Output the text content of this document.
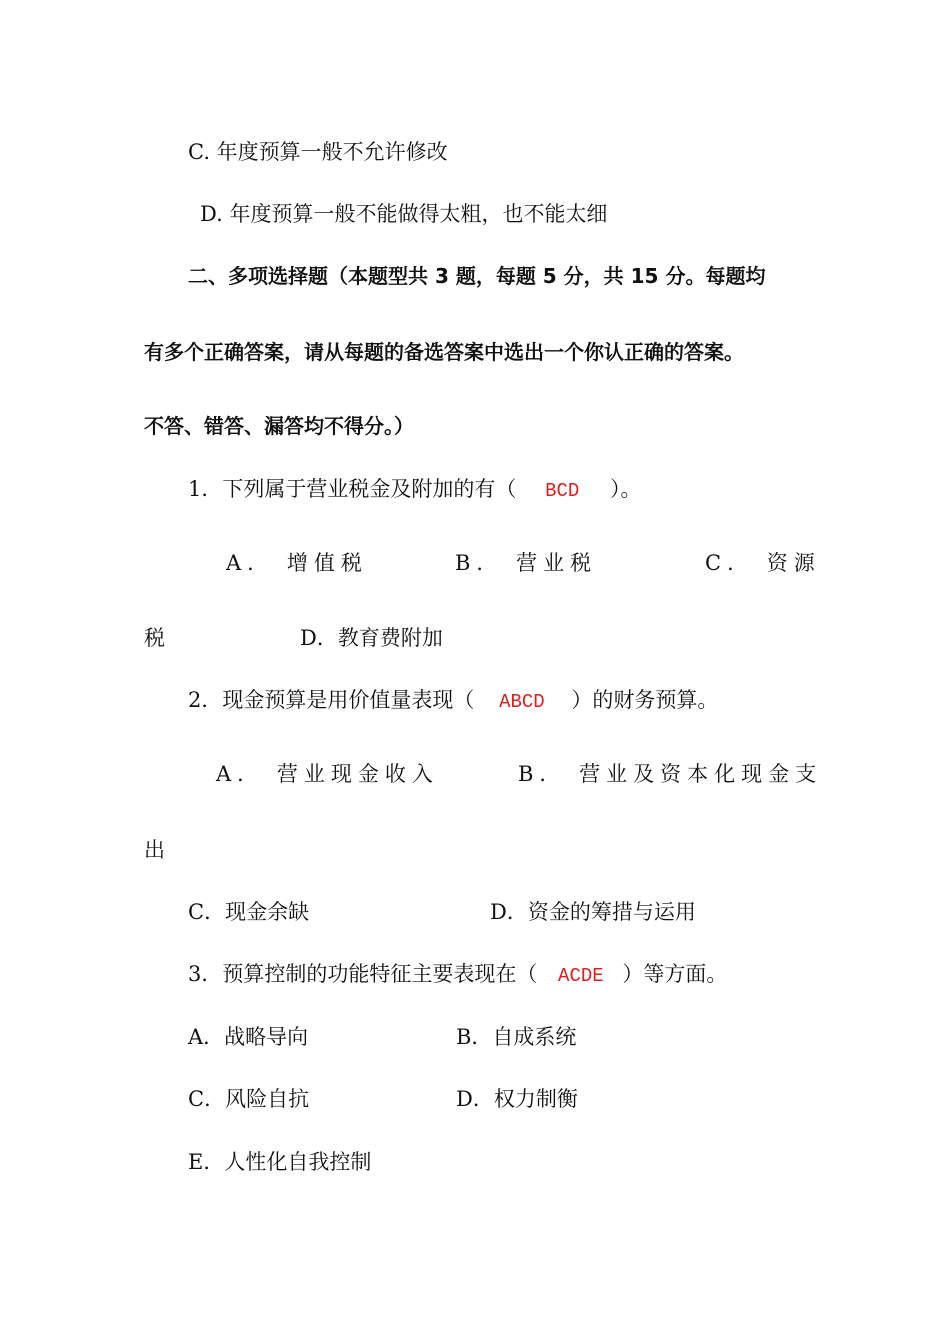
C. 年度预算一般不允许修改
D. 年度预算一般不能做得太粗，也不能太细
二、多项选择题（本题型共 3 题，每题 5 分，共 15 分。每题均
有多个正确答案，请从每题的备选答案中选出一个你认正确的答案。
不答、错答、漏答均不得分。）
1．下列属于营业税金及附加的有（ BCD ）。
A． 增值税	B． 营业税	C． 资源
税	D．教育费附加
2．现金预算是用价值量表现（ ABCD ）的财务预算。
A． 营业现金收入	B． 营业及资本化现金支
出
C．现金余缺	D．资金的筹措与运用
3．预算控制的功能特征主要表现在（ ACDE ）等方面。
A．战略导向	B．自成系统
C．风险自抗	D．权力制衡
E．人性化自我控制
